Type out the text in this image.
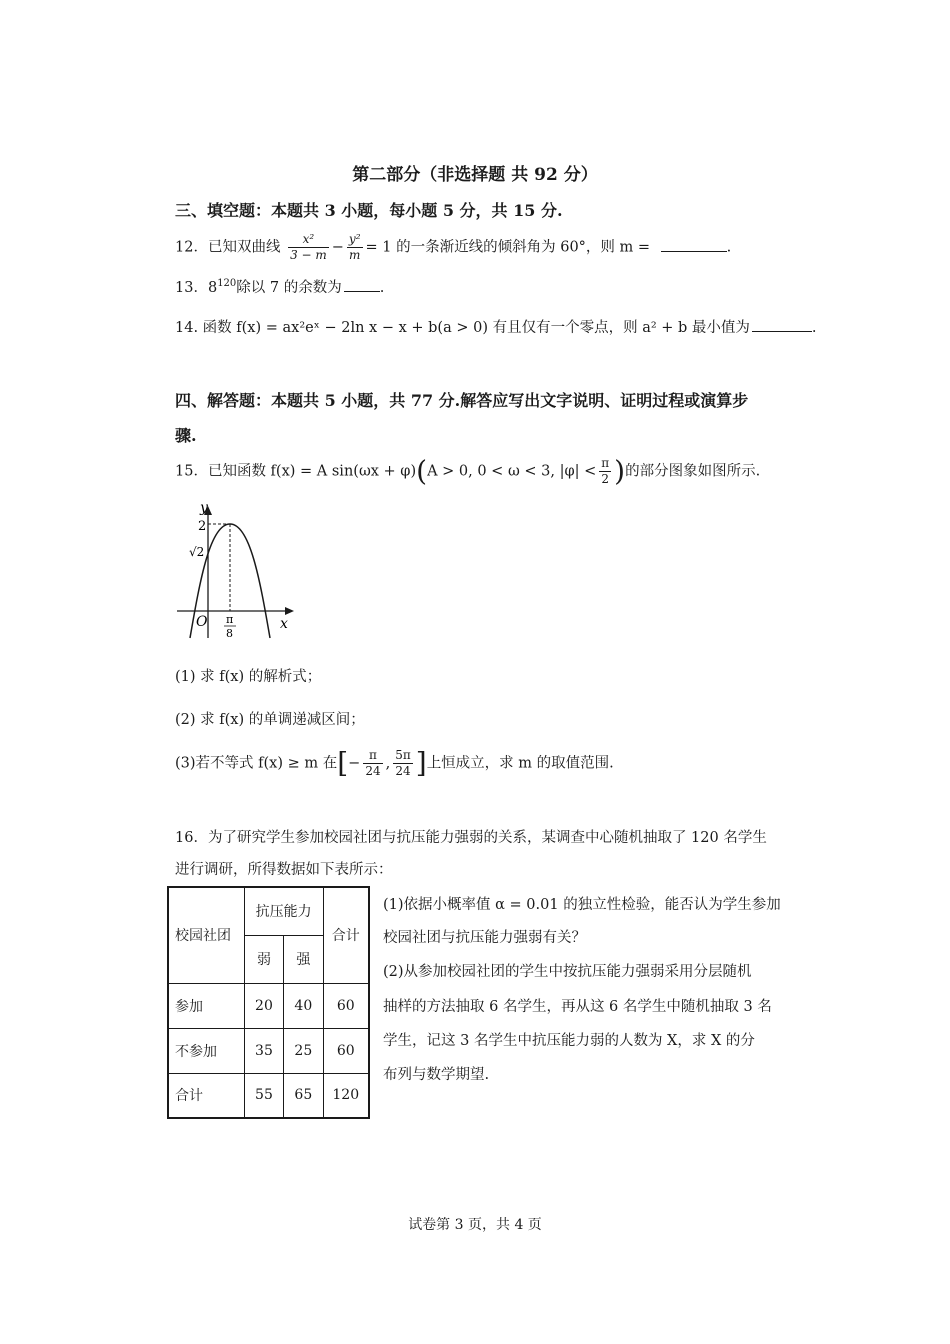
第二部分（非选择题 共 92 分）
三、填空题：本题共 3 小题，每小题 5 分，共 15 分.
12．已知双曲线 $\frac{\text{x²}}{3 - m} - \frac{\text{y²}}{m} = 1$ 的一条渐近线的倾斜角为 60°，则 m =	.
13．$8^{120}$除以 7 的余数为	.
14. 函数 f(x) = ax²eˣ − 2ln x − x + b(a > 0) 有且仅有一个零点，则 a² + b 最小值为	.
四、解答题：本题共 5 小题，共 77 分.解答应写出文字说明、证明过程或演算步
骤.
15．已知函数 f(x) = A sin(ωx + φ)(A > 0, 0 < ω < 3, $|\varphi| < \frac{\pi}{2}$ )的部分图象如图所示.
y
x
O
2
√2
π
8
(1) 求 f(x) 的解析式；
(2) 求 f(x) 的单调递减区间；
(3)若不等式 f(x) ≥ m 在[− $\frac{\pi}{24}$ , $\frac{5\pi}{24}$ ]上恒成立，求 m 的取值范围.
16．为了研究学生参加校园社团与抗压能力强弱的关系，某调查中心随机抽取了 120 名学生
进行调研，所得数据如下表所示：
校园社团	抗压能力		合计
	弱	强	
参加	20	40	60
不参加	35	25	60
合计	55	65	120
(1)依据小概率值 α = 0.01 的独立性检验，能否认为学生参加
校园社团与抗压能力强弱有关？
(2)从参加校园社团的学生中按抗压能力强弱采用分层随机
抽样的方法抽取 6 名学生，再从这 6 名学生中随机抽取 3 名
学生，记这 3 名学生中抗压能力弱的人数为 X，求 X 的分
布列与数学期望.
试卷第 3 页，共 4 页
